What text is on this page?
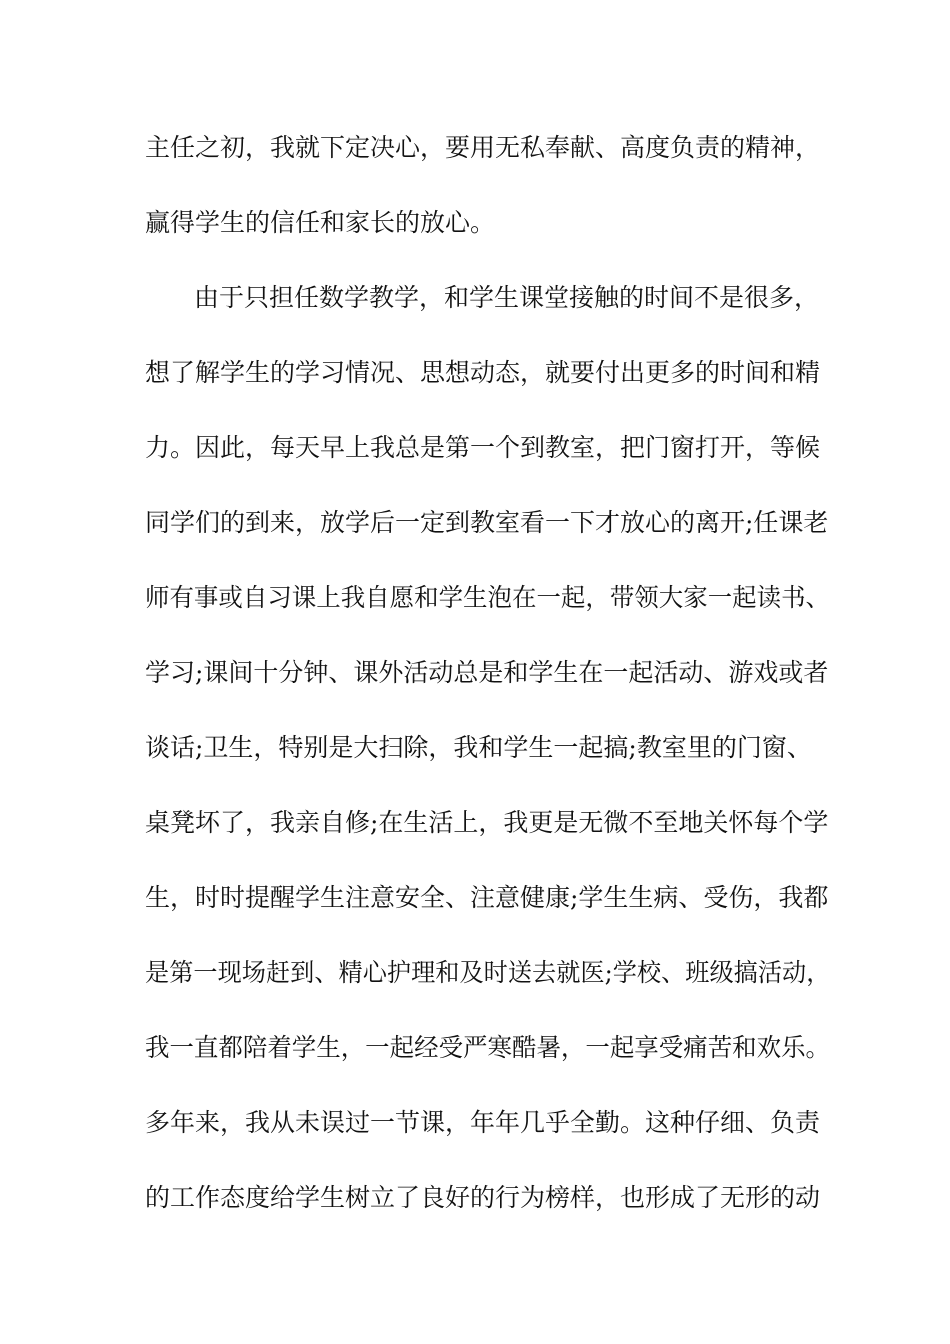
主任之初，我就下定决心，要用无私奉献、高度负责的精神，
赢得学生的信任和家长的放心。
由于只担任数学教学，和学生课堂接触的时间不是很多，
想了解学生的学习情况、思想动态，就要付出更多的时间和精
力。因此，每天早上我总是第一个到教室，把门窗打开，等候
同学们的到来，放学后一定到教室看一下才放心的离开;任课老
师有事或自习课上我自愿和学生泡在一起，带领大家一起读书、
学习;课间十分钟、课外活动总是和学生在一起活动、游戏或者
谈话;卫生，特别是大扫除，我和学生一起搞;教室里的门窗、
桌凳坏了，我亲自修;在生活上，我更是无微不至地关怀每个学
生，时时提醒学生注意安全、注意健康;学生生病、受伤，我都
是第一现场赶到、精心护理和及时送去就医;学校、班级搞活动，
我一直都陪着学生，一起经受严寒酷暑，一起享受痛苦和欢乐。
多年来，我从未误过一节课，年年几乎全勤。这种仔细、负责
的工作态度给学生树立了良好的行为榜样，也形成了无形的动
